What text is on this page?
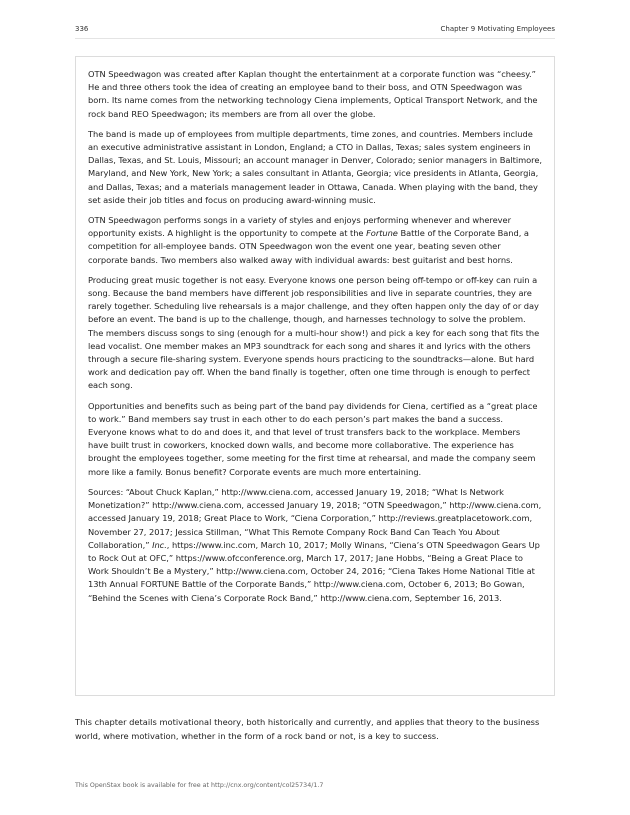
336	Chapter 9 Motivating Employees

OTN Speedwagon was created after Kaplan thought the entertainment at a corporate function was “cheesy.” He and three others took the idea of creating an employee band to their boss, and OTN Speedwagon was born. Its name comes from the networking technology Ciena implements, Optical Transport Network, and the rock band REO Speedwagon; its members are from all over the globe.

The band is made up of employees from multiple departments, time zones, and countries. Members include an executive administrative assistant in London, England; a CTO in Dallas, Texas; sales system engineers in Dallas, Texas, and St. Louis, Missouri; an account manager in Denver, Colorado; senior managers in Baltimore, Maryland, and New York, New York; a sales consultant in Atlanta, Georgia; vice presidents in Atlanta, Georgia, and Dallas, Texas; and a materials management leader in Ottawa, Canada. When playing with the band, they set aside their job titles and focus on producing award-winning music.

OTN Speedwagon performs songs in a variety of styles and enjoys performing whenever and wherever opportunity exists. A highlight is the opportunity to compete at the Fortune Battle of the Corporate Band, a competition for all-employee bands. OTN Speedwagon won the event one year, beating seven other corporate bands. Two members also walked away with individual awards: best guitarist and best horns.

Producing great music together is not easy. Everyone knows one person being off-tempo or off-key can ruin a song. Because the band members have different job responsibilities and live in separate countries, they are rarely together. Scheduling live rehearsals is a major challenge, and they often happen only the day of or day before an event. The band is up to the challenge, though, and harnesses technology to solve the problem. The members discuss songs to sing (enough for a multi-hour show!) and pick a key for each song that fits the lead vocalist. One member makes an MP3 soundtrack for each song and shares it and lyrics with the others through a secure file-sharing system. Everyone spends hours practicing to the soundtracks—alone. But hard work and dedication pay off. When the band finally is together, often one time through is enough to perfect each song.

Opportunities and benefits such as being part of the band pay dividends for Ciena, certified as a “great place to work.” Band members say trust in each other to do each person’s part makes the band a success. Everyone knows what to do and does it, and that level of trust transfers back to the workplace. Members have built trust in coworkers, knocked down walls, and become more collaborative. The experience has brought the employees together, some meeting for the first time at rehearsal, and made the company seem more like a family. Bonus benefit? Corporate events are much more entertaining.

Sources: “About Chuck Kaplan,” http://www.ciena.com, accessed January 19, 2018; “What Is Network Monetization?” http://www.ciena.com, accessed January 19, 2018; “OTN Speedwagon,” http://www.ciena.com, accessed January 19, 2018; Great Place to Work, “Ciena Corporation,” http://reviews.greatplacetowork.com, November 27, 2017; Jessica Stillman, “What This Remote Company Rock Band Can Teach You About Collaboration,” Inc., https://www.inc.com, March 10, 2017; Molly Winans, “Ciena’s OTN Speedwagon Gears Up to Rock Out at OFC,” https://www.ofcconference.org, March 17, 2017; Jane Hobbs, “Being a Great Place to Work Shouldn’t Be a Mystery,” http://www.ciena.com, October 24, 2016; “Ciena Takes Home National Title at 13th Annual FORTUNE Battle of the Corporate Bands,” http://www.ciena.com, October 6, 2013; Bo Gowan, “Behind the Scenes with Ciena’s Corporate Rock Band,” http://www.ciena.com, September 16, 2013.

This chapter details motivational theory, both historically and currently, and applies that theory to the business world, where motivation, whether in the form of a rock band or not, is a key to success.

This OpenStax book is available for free at http://cnx.org/content/col25734/1.7
